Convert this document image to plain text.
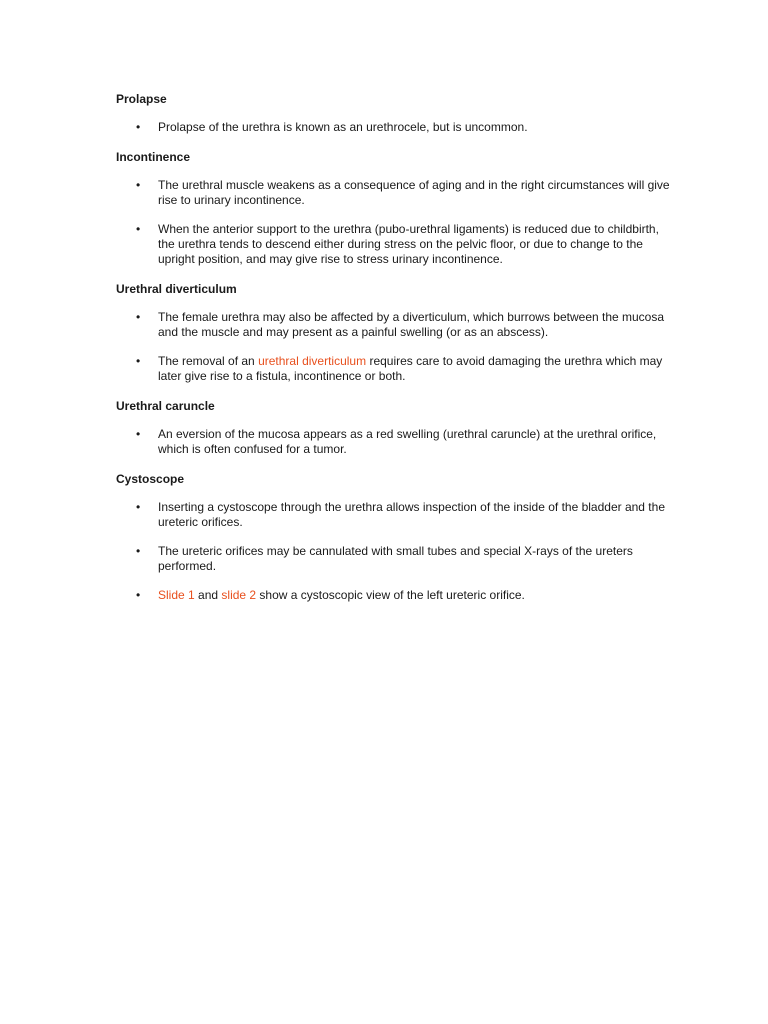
Prolapse
•	Prolapse of the urethra is known as an urethrocele, but is uncommon.
Incontinence
•	The urethral muscle weakens as a consequence of aging and in the right circumstances will give rise to urinary incontinence.
•	When the anterior support to the urethra (pubo-urethral ligaments) is reduced due to childbirth, the urethra tends to descend either during stress on the pelvic floor, or due to change to the upright position, and may give rise to stress urinary incontinence.
Urethral diverticulum
•	The female urethra may also be affected by a diverticulum, which burrows between the mucosa and the muscle and may present as a painful swelling (or as an abscess).
•	The removal of an urethral diverticulum requires care to avoid damaging the urethra which may later give rise to a fistula, incontinence or both.
Urethral caruncle
•	An eversion of the mucosa appears as a red swelling (urethral caruncle) at the urethral orifice, which is often confused for a tumor.
Cystoscope
•	Inserting a cystoscope through the urethra allows inspection of the inside of the bladder and the ureteric orifices.
•	The ureteric orifices may be cannulated with small tubes and special X-rays of the ureters performed.
•	Slide 1 and slide 2 show a cystoscopic view of the left ureteric orifice.
